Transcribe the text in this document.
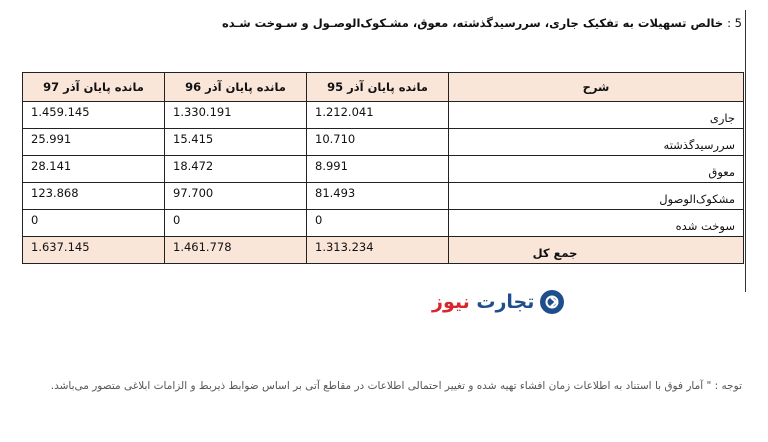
5 : خالص تسهیلات به تفکیک جاری، سررسیدگذشته، معوق، مشـکوک‌الوصـول و سـوخت شـده
شرح	مانده پایان آذر 95	مانده پایان آذر 96	مانده پایان آذر 97
جاری	1.212.041	1.330.191	1.459.145
سررسیدگذشته	10.710	15.415	25.991
معوق	8.991	18.472	28.141
مشکوک‌الوصول	81.493	97.700	123.868
سوخت شده	0	0	0
جمع کل	1.313.234	1.461.778	1.637.145
تجارت نیوز
توجه : " آمار فوق با استناد به اطلاعات زمان افشاء تهیه شده و تغییر احتمالی اطلاعات در مقاطع آتی بر اساس ضوابط ذیربط و الزامات ابلاغی متصور می‌باشد.
